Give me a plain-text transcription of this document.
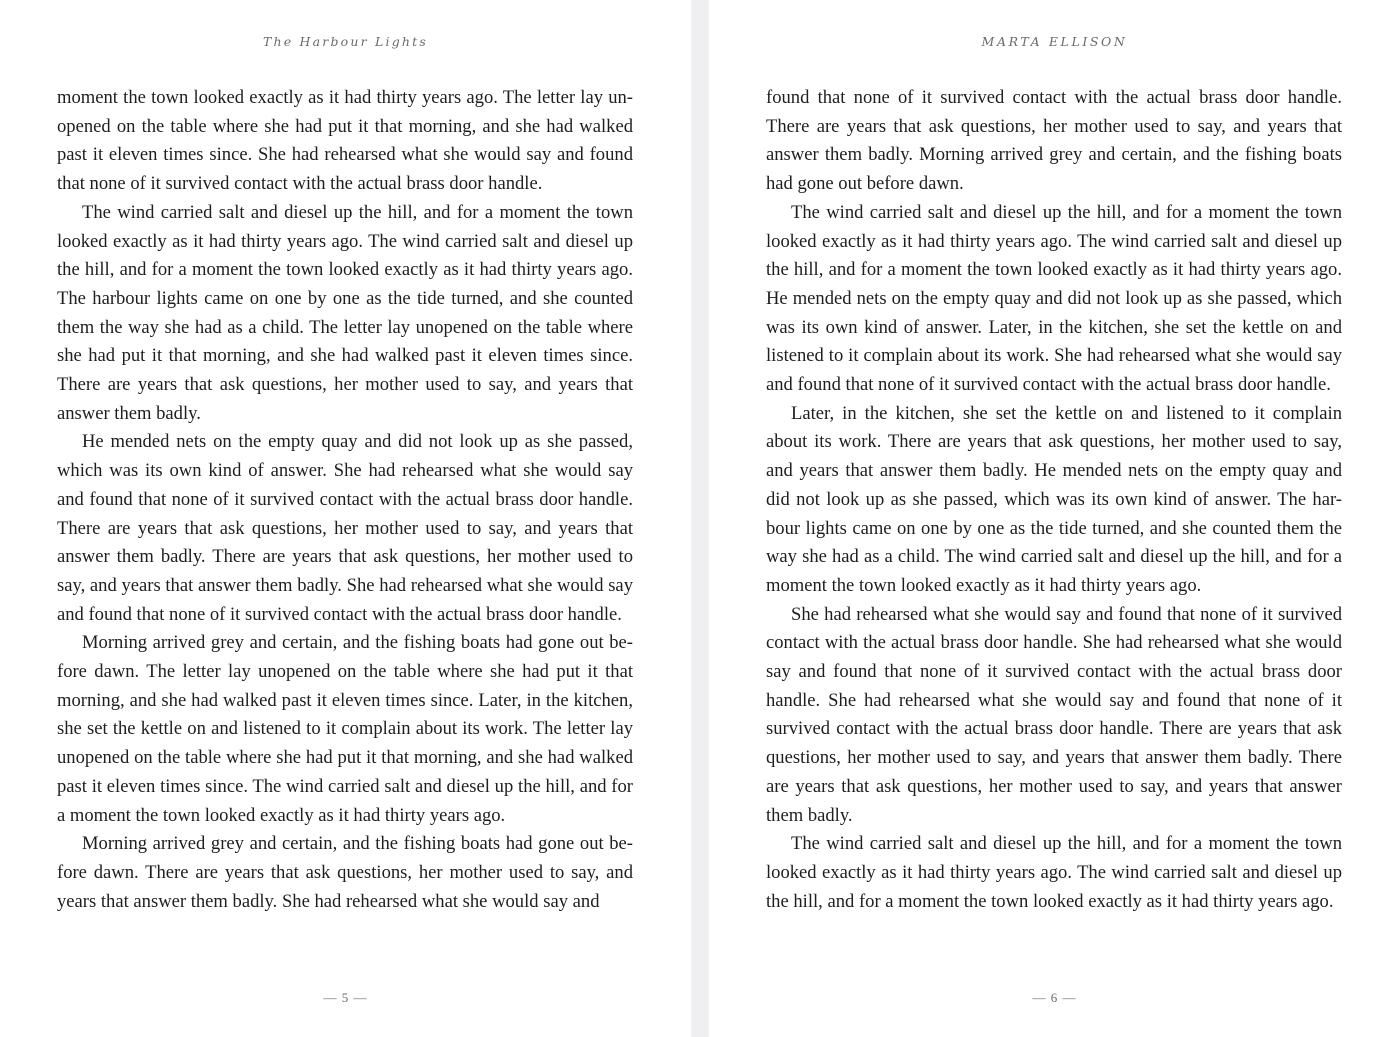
The Harbour Lights

moment the town looked exactly as it had thirty years ago. The letter lay un-opened on the table where she had put it that morning, and she had walked past it eleven times since. She had rehearsed what she would say and found that none of it survived contact with the actual brass door handle.

The wind carried salt and diesel up the hill, and for a moment the town looked exactly as it had thirty years ago. The wind carried salt and diesel up the hill, and for a moment the town looked exactly as it had thirty years ago. The harbour lights came on one by one as the tide turned, and she counted them the way she had as a child. The letter lay unopened on the table where she had put it that morning, and she had walked past it eleven times since. There are years that ask questions, her mother used to say, and years that answer them badly.

He mended nets on the empty quay and did not look up as she passed, which was its own kind of answer. She had rehearsed what she would say and found that none of it survived contact with the actual brass door handle. There are years that ask questions, her mother used to say, and years that answer them badly. There are years that ask questions, her mother used to say, and years that answer them badly. She had rehearsed what she would say and found that none of it survived contact with the actual brass door handle.

Morning arrived grey and certain, and the fishing boats had gone out be-fore dawn. The letter lay unopened on the table where she had put it that morning, and she had walked past it eleven times since. Later, in the kitchen, she set the kettle on and listened to it complain about its work. The letter lay unopened on the table where she had put it that morning, and she had walked past it eleven times since. The wind carried salt and diesel up the hill, and for a moment the town looked exactly as it had thirty years ago.

Morning arrived grey and certain, and the fishing boats had gone out be-fore dawn. There are years that ask questions, her mother used to say, and years that answer them badly. She had rehearsed what she would say and

— 5 —
MARTA ELLISON

found that none of it survived contact with the actual brass door handle. There are years that ask questions, her mother used to say, and years that answer them badly. Morning arrived grey and certain, and the fishing boats had gone out before dawn.

The wind carried salt and diesel up the hill, and for a moment the town looked exactly as it had thirty years ago. The wind carried salt and diesel up the hill, and for a moment the town looked exactly as it had thirty years ago. He mended nets on the empty quay and did not look up as she passed, which was its own kind of answer. Later, in the kitchen, she set the kettle on and listened to it complain about its work. She had rehearsed what she would say and found that none of it survived contact with the actual brass door handle.

Later, in the kitchen, she set the kettle on and listened to it complain about its work. There are years that ask questions, her mother used to say, and years that answer them badly. He mended nets on the empty quay and did not look up as she passed, which was its own kind of answer. The har-bour lights came on one by one as the tide turned, and she counted them the way she had as a child. The wind carried salt and diesel up the hill, and for a moment the town looked exactly as it had thirty years ago.

She had rehearsed what she would say and found that none of it survived contact with the actual brass door handle. She had rehearsed what she would say and found that none of it survived contact with the actual brass door handle. She had rehearsed what she would say and found that none of it survived contact with the actual brass door handle. There are years that ask questions, her mother used to say, and years that answer them badly. There are years that ask questions, her mother used to say, and years that answer them badly.

The wind carried salt and diesel up the hill, and for a moment the town looked exactly as it had thirty years ago. The wind carried salt and diesel up the hill, and for a moment the town looked exactly as it had thirty years ago.

— 6 —
